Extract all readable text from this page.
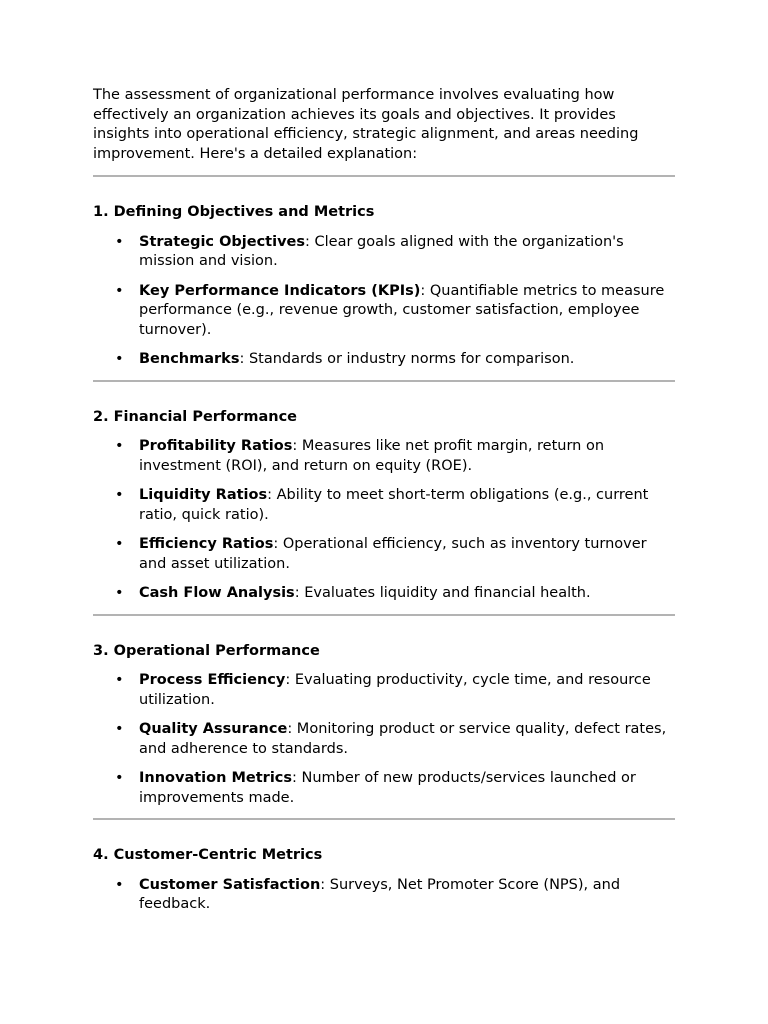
The assessment of organizational performance involves evaluating how effectively an organization achieves its goals and objectives. It provides insights into operational efficiency, strategic alignment, and areas needing improvement. Here's a detailed explanation:

1. Defining Objectives and Metrics
• Strategic Objectives: Clear goals aligned with the organization's mission and vision.
• Key Performance Indicators (KPIs): Quantifiable metrics to measure performance (e.g., revenue growth, customer satisfaction, employee turnover).
• Benchmarks: Standards or industry norms for comparison.
2. Financial Performance
• Profitability Ratios: Measures like net profit margin, return on investment (ROI), and return on equity (ROE).
• Liquidity Ratios: Ability to meet short-term obligations (e.g., current ratio, quick ratio).
• Efficiency Ratios: Operational efficiency, such as inventory turnover and asset utilization.
• Cash Flow Analysis: Evaluates liquidity and financial health.
3. Operational Performance
• Process Efficiency: Evaluating productivity, cycle time, and resource utilization.
• Quality Assurance: Monitoring product or service quality, defect rates, and adherence to standards.
• Innovation Metrics: Number of new products/services launched or improvements made.
4. Customer-Centric Metrics
• Customer Satisfaction: Surveys, Net Promoter Score (NPS), and feedback.
